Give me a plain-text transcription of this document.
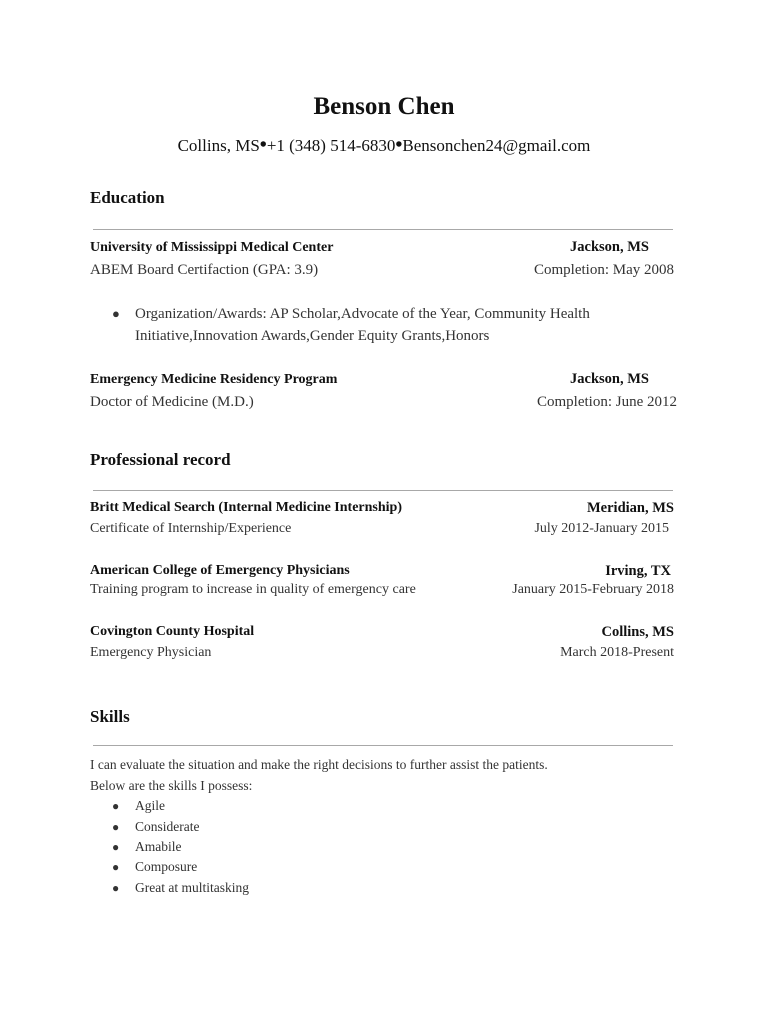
Benson Chen
Collins, MS•+1 (348) 514-6830•Bensonchen24@gmail.com
Education
University of Mississippi Medical Center	Jackson, MS
ABEM Board Certifaction (GPA: 3.9)	Completion: May 2008
● Organization/Awards: AP Scholar,Advocate of the Year, Community Health
Initiative,Innovation Awards,Gender Equity Grants,Honors
Emergency Medicine Residency Program	Jackson, MS
Doctor of Medicine (M.D.)	Completion: June 2012
Professional record
Britt Medical Search (Internal Medicine Internship)	Meridian, MS
Certificate of Internship/Experience	July 2012-January 2015
American College of Emergency Physicians	Irving, TX
Training program to increase in quality of emergency care	January 2015-February 2018
Covington County Hospital	Collins, MS
Emergency Physician	March 2018-Present
Skills
I can evaluate the situation and make the right decisions to further assist the patients.
Below are the skills I possess:
● Agile
● Considerate
● Amabile
● Composure
● Great at multitasking
